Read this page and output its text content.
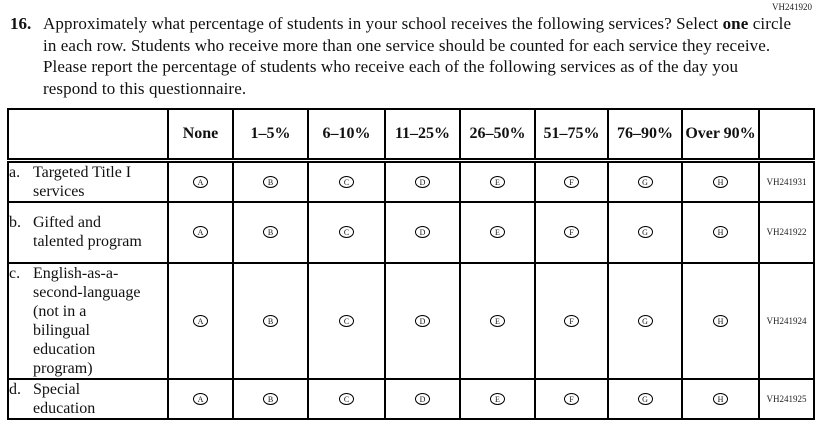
VH241920
16. Approximately what percentage of students in your school receives the following services? Select one circle in each row. Students who receive more than one service should be counted for each service they receive. Please report the percentage of students who receive each of the following services as of the day you respond to this questionnaire.
	None	1–5%	6–10%	11–25%	26–50%	51–75%	76–90%	Over 90%	

a. Targeted Title I services	A	B	C	D	E	F	G	H	VH241931

b. Gifted and talented program	A	B	C	D	E	F	G	H	VH241922

c. English-as-a-second-language (not in a bilingual education program)	A	B	C	D	E	F	G	H	VH241924

d. Special education	A	B	C	D	E	F	G	H	VH241925
